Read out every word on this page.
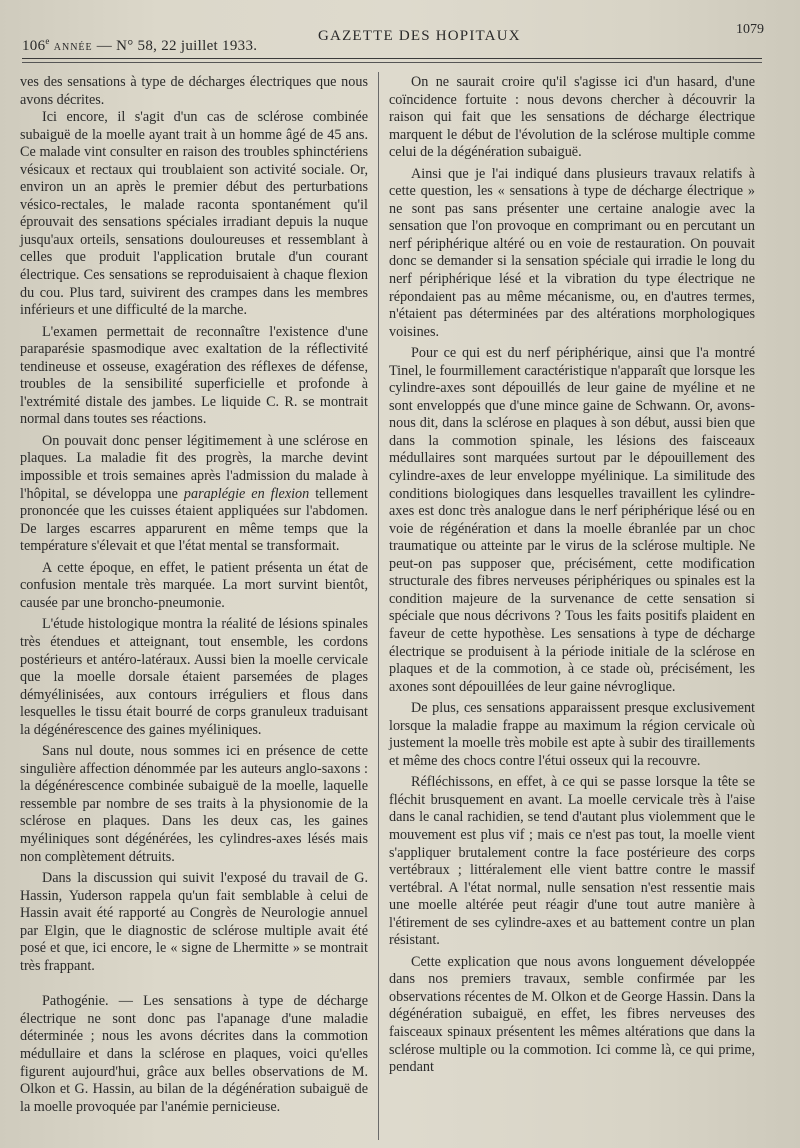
106e ANNÉE — N° 58, 22 juillet 1933.
GAZETTE DES HOPITAUX	1079

ves des sensations à type de décharges électriques que nous avons décrites.

Ici encore, il s'agit d'un cas de sclérose combinée subaiguë de la moelle ayant trait à un homme âgé de 45 ans. Ce malade vint consulter en raison des troubles sphinctériens vésicaux et rectaux qui troublaient son activité sociale. Or, environ un an après le premier début des perturbations vésico-rectales, le malade raconta spontanément qu'il éprouvait des sensations spéciales irradiant depuis la nuque jusqu'aux orteils, sensations douloureuses et ressemblant à celles que produit l'application brutale d'un courant électrique. Ces sensations se reproduisaient à chaque flexion du cou. Plus tard, suivirent des crampes dans les membres inférieurs et une difficulté de la marche.

L'examen permettait de reconnaître l'existence d'une paraparésie spasmodique avec exaltation de la réflectivité tendineuse et osseuse, exagération des réflexes de défense, troubles de la sensibilité superficielle et profonde à l'extrémité distale des jambes. Le liquide C. R. se montrait normal dans toutes ses réactions.

On pouvait donc penser légitimement à une sclérose en plaques. La maladie fit des progrès, la marche devint impossible et trois semaines après l'admission du malade à l'hôpital, se développa une paraplégie en flexion tellement prononcée que les cuisses étaient appliquées sur l'abdomen. De larges escarres apparurent en même temps que la température s'élevait et que l'état mental se transformait.

A cette époque, en effet, le patient présenta un état de confusion mentale très marquée. La mort survint bientôt, causée par une broncho-pneumonie.

L'étude histologique montra la réalité de lésions spinales très étendues et atteignant, tout ensemble, les cordons postérieurs et antéro-latéraux. Aussi bien la moelle cervicale que la moelle dorsale étaient parsemées de plages démyélinisées, aux contours irréguliers et flous dans lesquelles le tissu était bourré de corps granuleux traduisant la dégénérescence des gaines myéliniques.

Sans nul doute, nous sommes ici en présence de cette singulière affection dénommée par les auteurs anglo-saxons : la dégénérescence combinée subaiguë de la moelle, laquelle ressemble par nombre de ses traits à la physionomie de la sclérose en plaques. Dans les deux cas, les gaines myéliniques sont dégénérées, les cylindres-axes lésés mais non complètement détruits.

Dans la discussion qui suivit l'exposé du travail de G. Hassin, Yuderson rappela qu'un fait semblable à celui de Hassin avait été rapporté au Congrès de Neurologie annuel par Elgin, que le diagnostic de sclérose multiple avait été posé et que, ici encore, le « signe de Lhermitte » se montrait très frappant.

Pathogénie. — Les sensations à type de décharge électrique ne sont donc pas l'apanage d'une maladie déterminée ; nous les avons décrites dans la commotion médullaire et dans la sclérose en plaques, voici qu'elles figurent aujourd'hui, grâce aux belles observations de M. Olkon et G. Hassin, au bilan de la dégénération subaiguë de la moelle provoquée par l'anémie pernicieuse.

On ne saurait croire qu'il s'agisse ici d'un hasard, d'une coïncidence fortuite : nous devons chercher à découvrir la raison qui fait que les sensations de décharge électrique marquent le début de l'évolution de la sclérose multiple comme celui de la dégénération subaiguë.

Ainsi que je l'ai indiqué dans plusieurs travaux relatifs à cette question, les « sensations à type de décharge électrique » ne sont pas sans présenter une certaine analogie avec la sensation que l'on provoque en comprimant ou en percutant un nerf périphérique altéré ou en voie de restauration. On pouvait donc se demander si la sensation spéciale qui irradie le long du nerf périphérique lésé et la vibration du type électrique ne répondaient pas au même mécanisme, ou, en d'autres termes, n'étaient pas déterminées par des altérations morphologiques voisines.

Pour ce qui est du nerf périphérique, ainsi que l'a montré Tinel, le fourmillement caractéristique n'apparaît que lorsque les cylindre-axes sont dépouillés de leur gaine de myéline et ne sont enveloppés que d'une mince gaine de Schwann. Or, avons-nous dit, dans la sclérose en plaques à son début, aussi bien que dans la commotion spinale, les lésions des faisceaux médullaires sont marquées surtout par le dépouillement des cylindre-axes de leur enveloppe myélinique. La similitude des conditions biologiques dans lesquelles travaillent les cylindre-axes est donc très analogue dans le nerf périphérique lésé ou en voie de régénération et dans la moelle ébranlée par un choc traumatique ou atteinte par le virus de la sclérose multiple. Ne peut-on pas supposer que, précisément, cette modification structurale des fibres nerveuses périphériques ou spinales est la condition majeure de la survenance de cette sensation si spéciale que nous décrivons ? Tous les faits positifs plaident en faveur de cette hypothèse. Les sensations à type de décharge électrique se produisent à la période initiale de la sclérose en plaques et de la commotion, à ce stade où, précisément, les axones sont dépouillées de leur gaine névroglique.

De plus, ces sensations apparaissent presque exclusivement lorsque la maladie frappe au maximum la région cervicale où justement la moelle très mobile est apte à subir des tiraillements et même des chocs contre l'étui osseux qui la recouvre.

Réfléchissons, en effet, à ce qui se passe lorsque la tête se fléchit brusquement en avant. La moelle cervicale très à l'aise dans le canal rachidien, se tend d'autant plus violemment que le mouvement est plus vif ; mais ce n'est pas tout, la moelle vient s'appliquer brutalement contre la face postérieure des corps vertébraux ; littéralement elle vient battre contre le massif vertébral. A l'état normal, nulle sensation n'est ressentie mais une moelle altérée peut réagir d'une tout autre manière à l'étirement de ses cylindre-axes et au battement contre un plan résistant.

Cette explication que nous avons longuement développée dans nos premiers travaux, semble confirmée par les observations récentes de M. Olkon et de George Hassin. Dans la dégénération subaiguë, en effet, les fibres nerveuses des faisceaux spinaux présentent les mêmes altérations que dans la sclérose multiple ou la commotion. Ici comme là, ce qui prime, pendant
